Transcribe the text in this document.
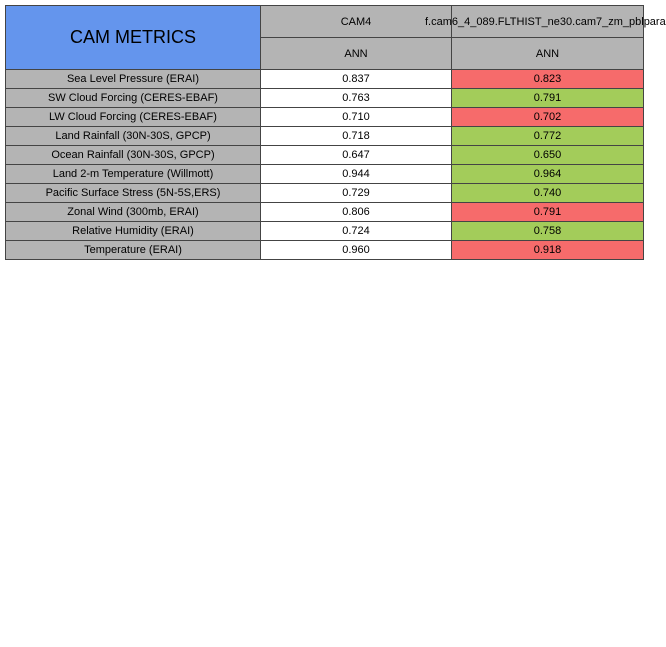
CAM METRICS	CAM4	f.cam6_4_089.FLTHIST_ne30.cam7_zm_pblpara

	ANN	ANN
Sea Level Pressure (ERAI)	0.837	0.823
SW Cloud Forcing (CERES-EBAF)	0.763	0.791
LW Cloud Forcing (CERES-EBAF)	0.710	0.702
Land Rainfall (30N-30S, GPCP)	0.718	0.772
Ocean Rainfall (30N-30S, GPCP)	0.647	0.650
Land 2-m Temperature (Willmott)	0.944	0.964
Pacific Surface Stress (5N-5S,ERS)	0.729	0.740
Zonal Wind (300mb, ERAI)	0.806	0.791
Relative Humidity (ERAI)	0.724	0.758
Temperature (ERAI)	0.960	0.918
